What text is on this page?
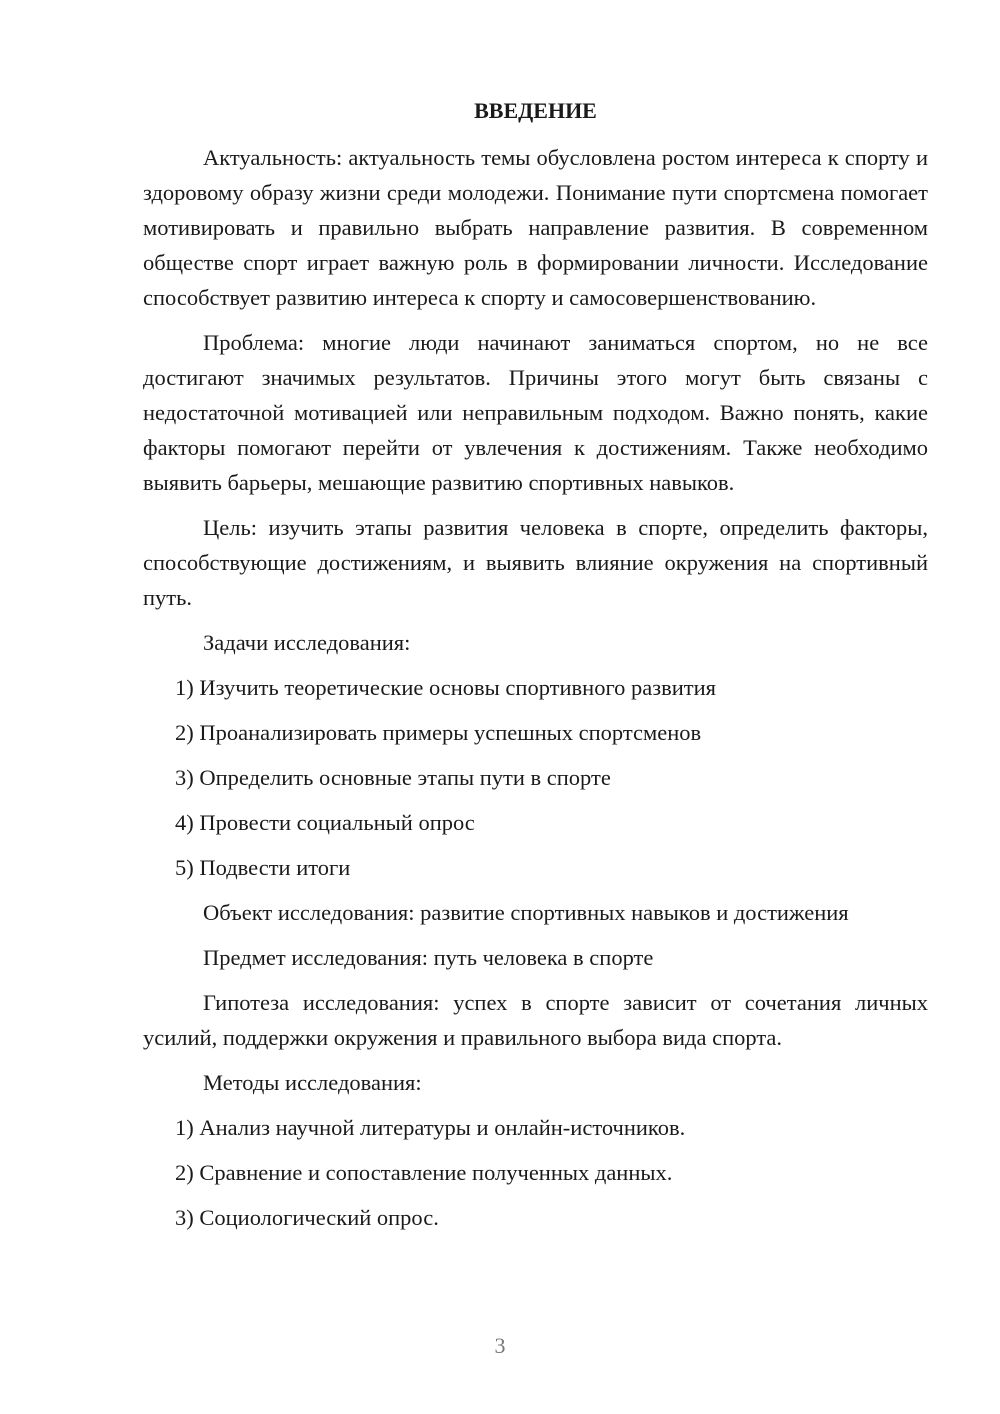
ВВЕДЕНИЕ

Актуальность: актуальность темы обусловлена ростом интереса к спорту и здоровому образу жизни среди молодежи. Понимание пути спортсмена помогает мотивировать и правильно выбрать направление развития. В современном обществе спорт играет важную роль в формировании личности. Исследование способствует развитию интереса к спорту и самосовершенствованию.

Проблема: многие люди начинают заниматься спортом, но не все достигают значимых результатов. Причины этого могут быть связаны с недостаточной мотивацией или неправильным подходом. Важно понять, какие факторы помогают перейти от увлечения к достижениям. Также необходимо выявить барьеры, мешающие развитию спортивных навыков.

Цель: изучить этапы развития человека в спорте, определить факторы, способствующие достижениям, и выявить влияние окружения на спортивный путь.

Задачи исследования:
1) Изучить теоретические основы спортивного развития
2) Проанализировать примеры успешных спортсменов
3) Определить основные этапы пути в спорте
4) Провести социальный опрос
5) Подвести итоги
Объект исследования: развитие спортивных навыков и достижения
Предмет исследования: путь человека в спорте

Гипотеза исследования: успех в спорте зависит от сочетания личных усилий, поддержки окружения и правильного выбора вида спорта.

Методы исследования:
1) Анализ научной литературы и онлайн-источников.
2) Сравнение и сопоставление полученных данных.
3) Социологический опрос.
3
